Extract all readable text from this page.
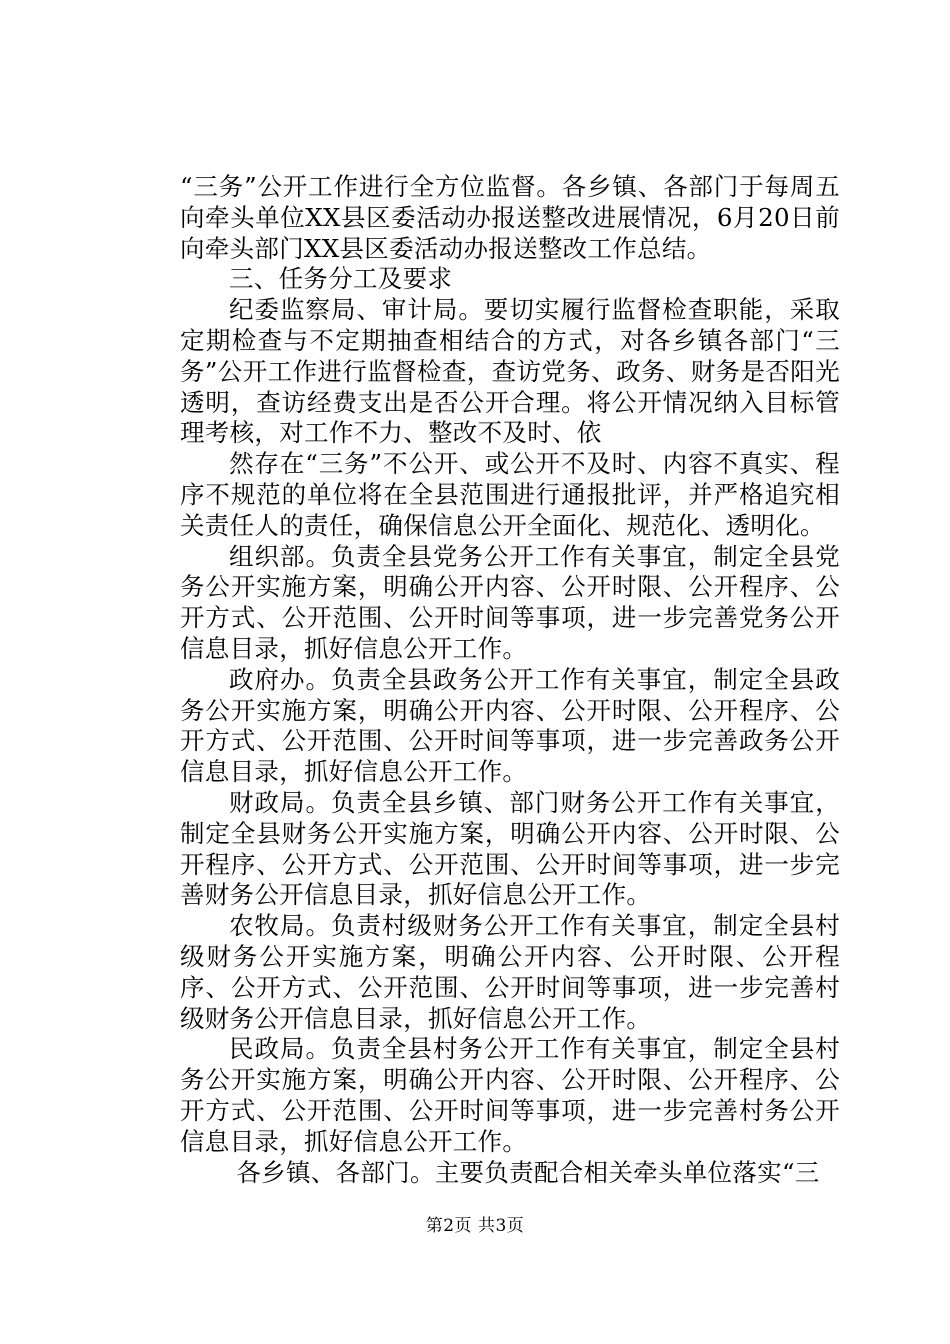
“三务”公开工作进行全方位监督。各乡镇、各部门于每周五向牵头单位XX县区委活动办报送整改进展情况，6月20日前向牵头部门XX县区委活动办报送整改工作总结。

三、任务分工及要求

纪委监察局、审计局。要切实履行监督检查职能，采取定期检查与不定期抽查相结合的方式，对各乡镇各部门“三务”公开工作进行监督检查，查访党务、政务、财务是否阳光透明，查访经费支出是否公开合理。将公开情况纳入目标管理考核，对工作不力、整改不及时、依

然存在“三务”不公开、或公开不及时、内容不真实、程序不规范的单位将在全县范围进行通报批评，并严格追究相关责任人的责任，确保信息公开全面化、规范化、透明化。

组织部。负责全县党务公开工作有关事宜，制定全县党务公开实施方案，明确公开内容、公开时限、公开程序、公开方式、公开范围、公开时间等事项，进一步完善党务公开信息目录，抓好信息公开工作。

政府办。负责全县政务公开工作有关事宜，制定全县政务公开实施方案，明确公开内容、公开时限、公开程序、公开方式、公开范围、公开时间等事项，进一步完善政务公开信息目录，抓好信息公开工作。

财政局。负责全县乡镇、部门财务公开工作有关事宜，制定全县财务公开实施方案，明确公开内容、公开时限、公开程序、公开方式、公开范围、公开时间等事项，进一步完善财务公开信息目录，抓好信息公开工作。

农牧局。负责村级财务公开工作有关事宜，制定全县村级财务公开实施方案，明确公开内容、公开时限、公开程序、公开方式、公开范围、公开时间等事项，进一步完善村级财务公开信息目录，抓好信息公开工作。

民政局。负责全县村务公开工作有关事宜，制定全县村务公开实施方案，明确公开内容、公开时限、公开程序、公开方式、公开范围、公开时间等事项，进一步完善村务公开信息目录，抓好信息公开工作。

各乡镇、各部门。主要负责配合相关牵头单位落实“三

第2页 共3页
